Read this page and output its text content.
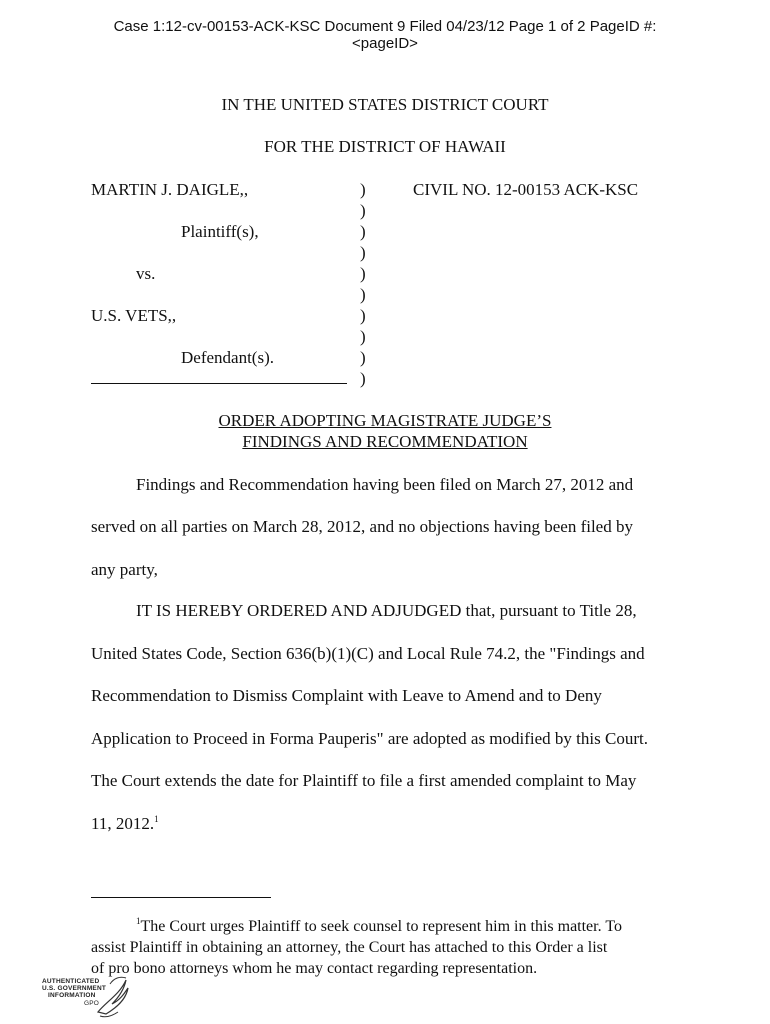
Case 1:12-cv-00153-ACK-KSC Document 9 Filed 04/23/12 Page 1 of 2 PageID #:
<pageID>
IN THE UNITED STATES DISTRICT COURT
FOR THE DISTRICT OF HAWAII
MARTIN J. DAIGLE,,
Plaintiff(s),
vs.
U.S. VETS,,
Defendant(s).
)
)
)
)
)
)
)
)
)
)
CIVIL NO. 12-00153 ACK-KSC
ORDER ADOPTING MAGISTRATE JUDGE’S
FINDINGS AND RECOMMENDATION
Findings and Recommendation having been filed on March 27, 2012 and
served on all parties on March 28, 2012, and no objections having been filed by
any party,
IT IS HEREBY ORDERED AND ADJUDGED that, pursuant to Title 28,
United States Code, Section 636(b)(1)(C) and Local Rule 74.2, the "Findings and
Recommendation to Dismiss Complaint with Leave to Amend and to Deny
Application to Proceed in Forma Pauperis" are adopted as modified by this Court.
The Court extends the date for Plaintiff to file a first amended complaint to May
11, 2012.$^1$
$^1$The Court urges Plaintiff to seek counsel to represent him in this matter. To
assist Plaintiff in obtaining an attorney, the Court has attached to this Order a list
of pro bono attorneys whom he may contact regarding representation.
AUTHENTICATED
U.S. GOVERNMENT
INFORMATION
GPO
